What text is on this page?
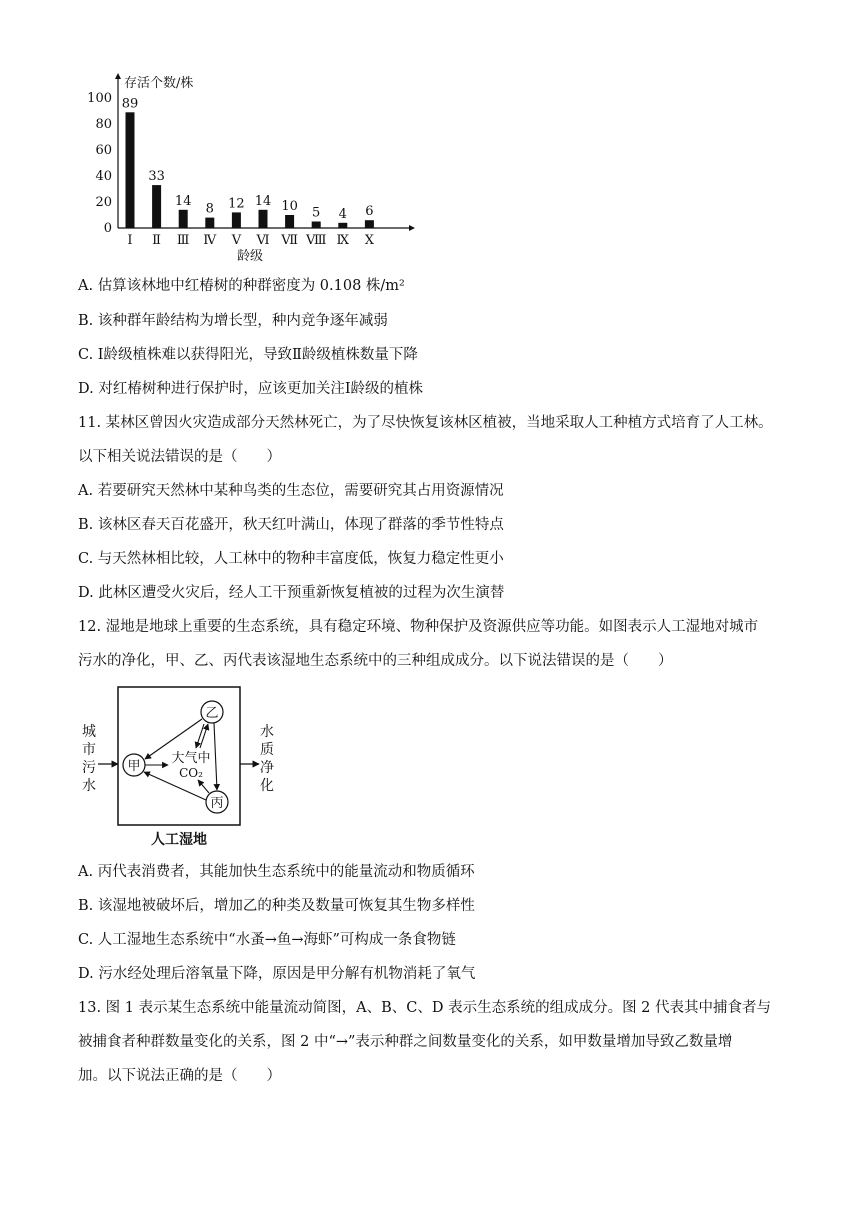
存活个数/株
龄级
0
20
40
60
80
100 89
Ⅰ
33
Ⅱ
14
Ⅲ
8
Ⅳ
12
Ⅴ
14
Ⅵ
10
Ⅶ
5
Ⅷ
4
Ⅸ
6
Ⅹ
A. 估算该林地中红椿树的种群密度为 0.108 株/m²
B. 该种群年龄结构为增长型，种内竞争逐年减弱
C. Ⅰ龄级植株难以获得阳光，导致Ⅱ龄级植株数量下降
D. 对红椿树种进行保护时，应该更加关注Ⅰ龄级的植株
11. 某林区曾因火灾造成部分天然林死亡，为了尽快恢复该林区植被，当地采取人工种植方式培育了人工林。
以下相关说法错误的是（　　）
A. 若要研究天然林中某种鸟类的生态位，需要研究其占用资源情况
B. 该林区春天百花盛开，秋天红叶满山，体现了群落的季节性特点
C. 与天然林相比较，人工林中的物种丰富度低，恢复力稳定性更小
D. 此林区遭受火灾后，经人工干预重新恢复植被的过程为次生演替
12. 湿地是地球上重要的生态系统，具有稳定环境、物种保护及资源供应等功能。如图表示人工湿地对城市
污水的净化，甲、乙、丙代表该湿地生态系统中的三种组成成分。以下说法错误的是（　　）
城
市
污
水
水
质
净
化
甲
乙
丙
大气中
CO₂
人工湿地
A. 丙代表消费者，其能加快生态系统中的能量流动和物质循环
B. 该湿地被破坏后，增加乙的种类及数量可恢复其生物多样性
C. 人工湿地生态系统中“水蚤→鱼→海虾”可构成一条食物链
D. 污水经处理后溶氧量下降，原因是甲分解有机物消耗了氧气
13. 图 1 表示某生态系统中能量流动简图，A、B、C、D 表示生态系统的组成成分。图 2 代表其中捕食者与
被捕食者种群数量变化的关系，图 2 中“→”表示种群之间数量变化的关系，如甲数量增加导致乙数量增
加。以下说法正确的是（　　）
